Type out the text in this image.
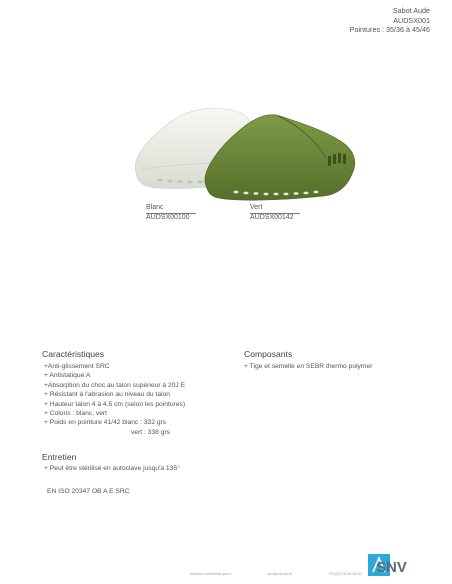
Sabot Aude
AUDSX001
Pointures : 35/36 à 45/46
Blanc
AUDSX00100
Vert
AUDSX00142
Caractéristiques
+Anti-glissement SRC
+ Antistatique A
+Absorption du choc au talon supérieur à 20J E
+ Résistant à l'abrasion au niveau du talon
+ Hauteur talon 4 à 4.5 cm (selon les pointures)
+ Coloris : blanc, vert
+ Poids en pointure 41/42 blanc : 332 grs
vert : 338 grs
Composants
+ Tige et semelle en SEBR thermo polymer
Entretien
+ Peut être stérilisé en autoclave jusqu'à 135°
EN ISO 20347 OB A E SRC
www.snv-vetements-pro.fr	snv@snv-pro.fr	+33 (0)4 00 00 00 00 SNV
